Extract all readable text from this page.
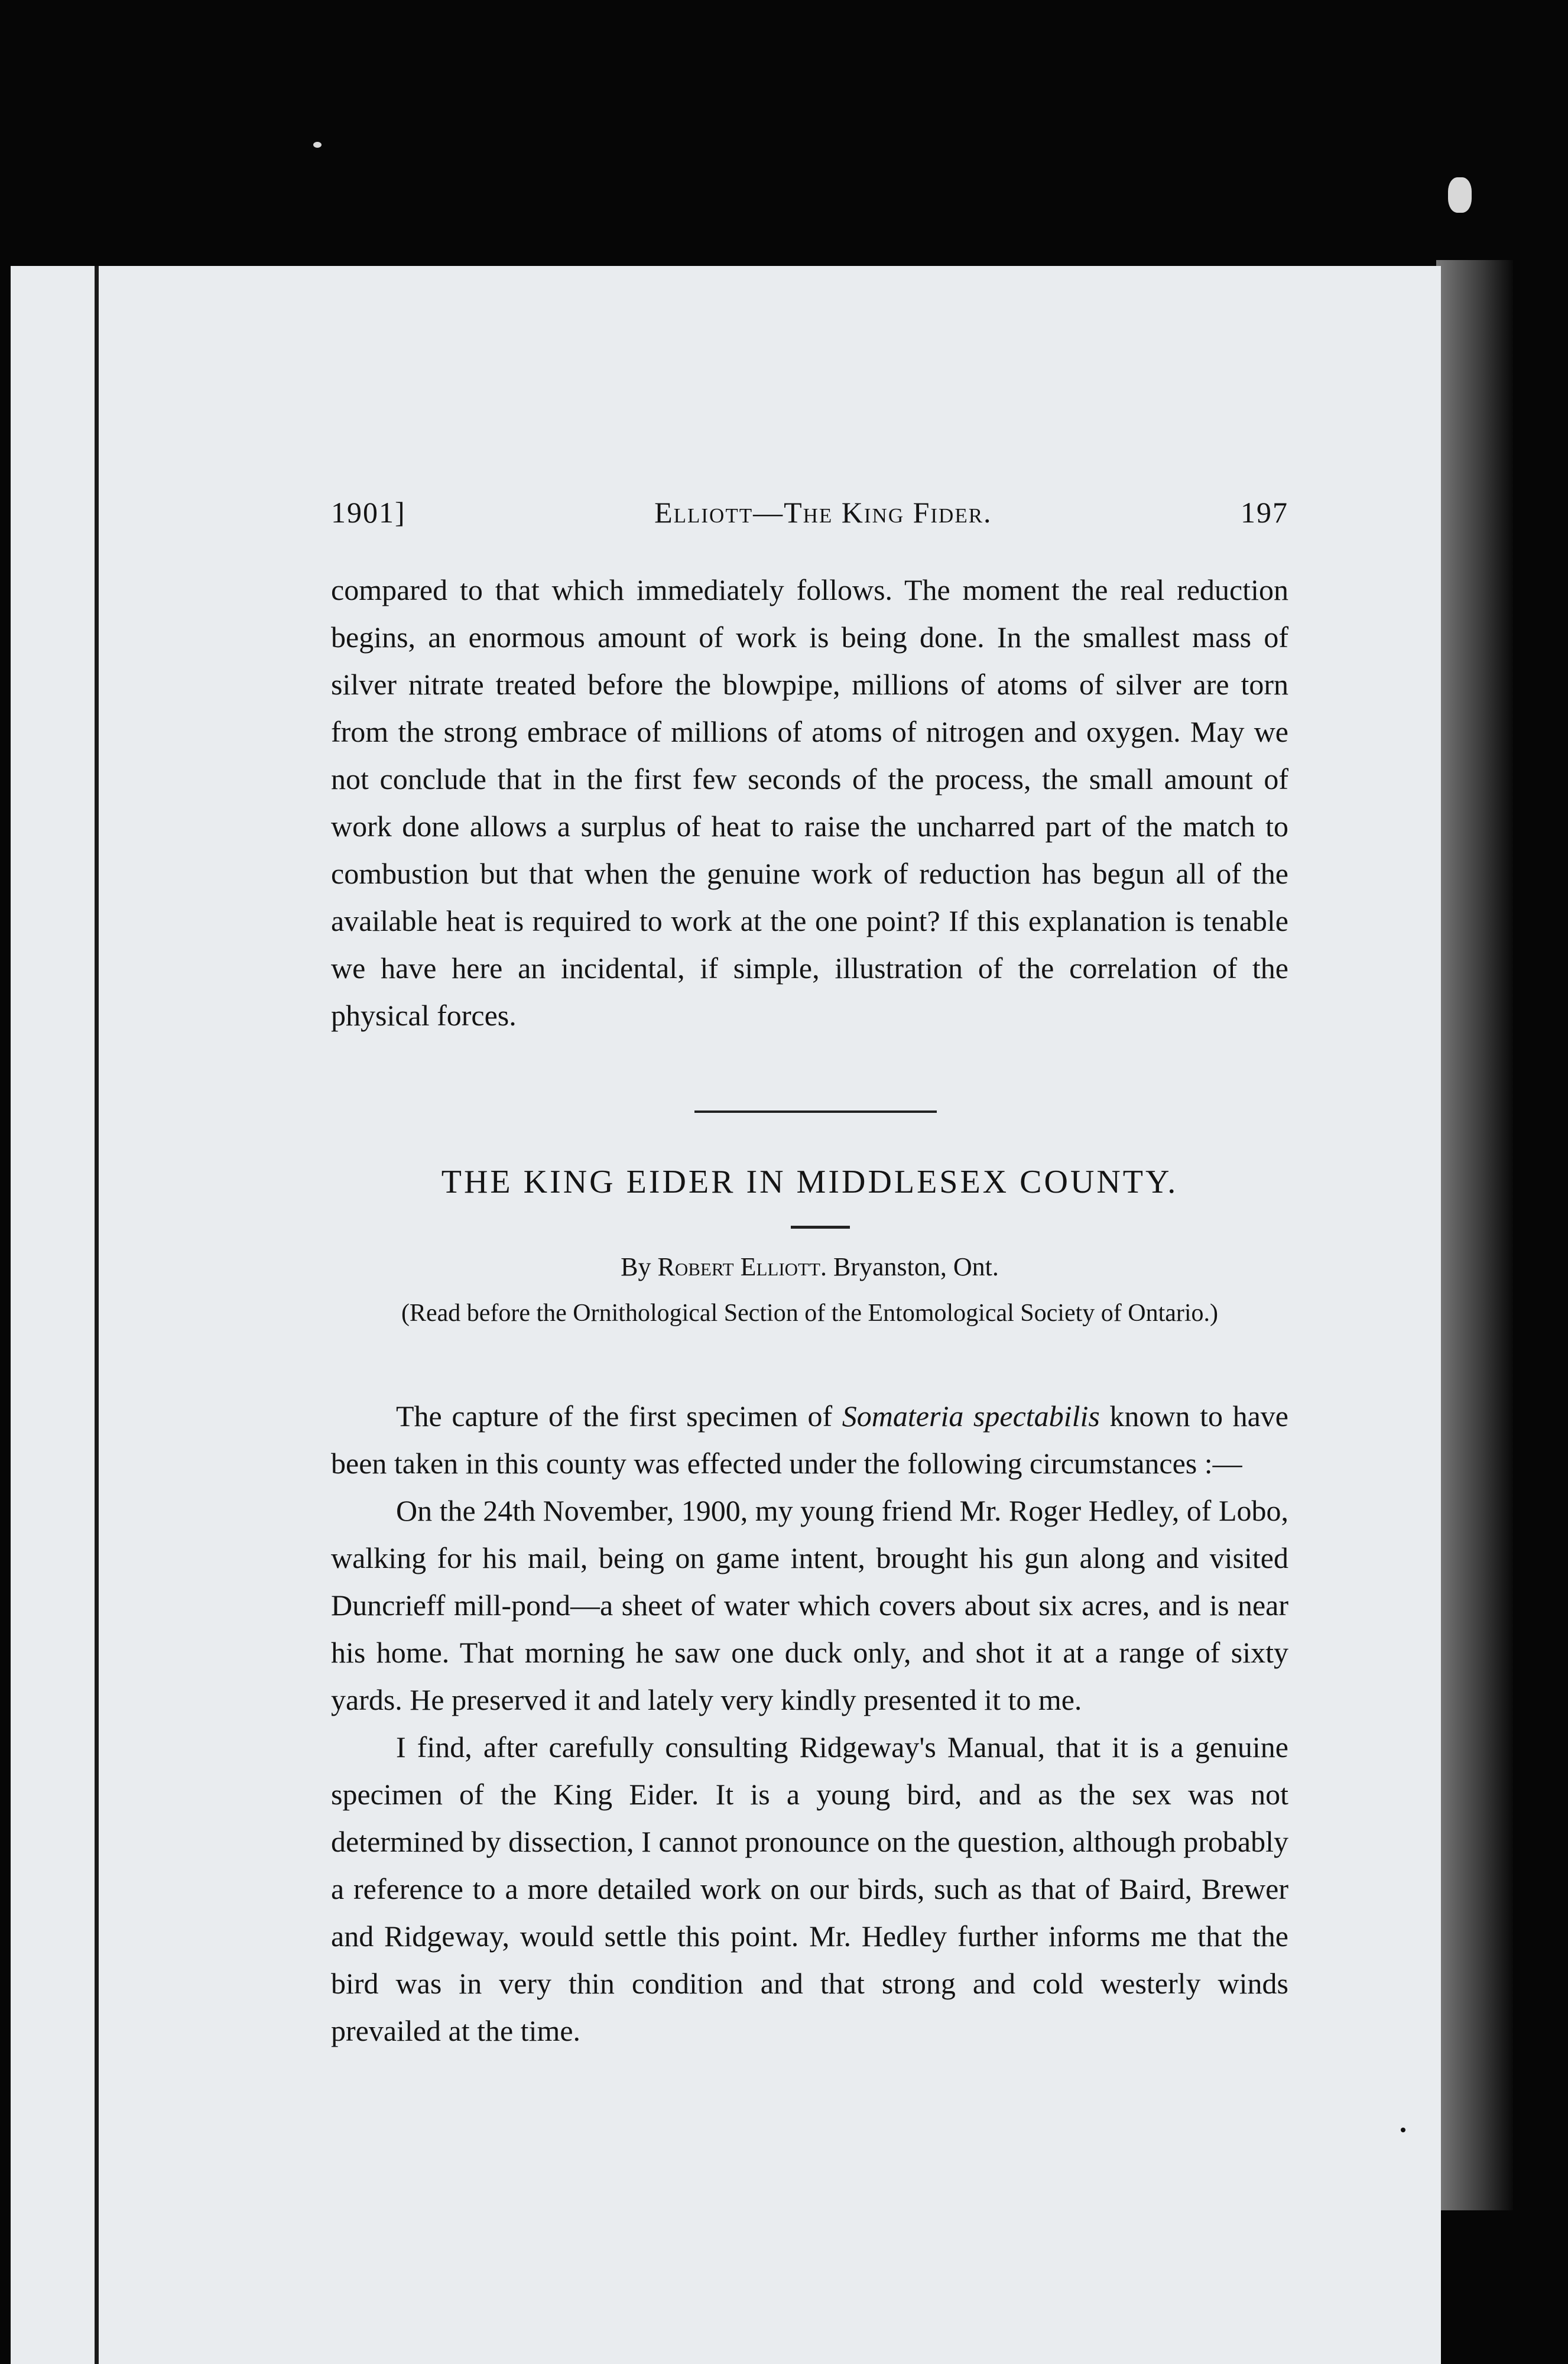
1901]	Elliott—The King Fider.	197

compared to that which immediately follows. The moment the real reduction begins, an enormous amount of work is being done. In the smallest mass of silver nitrate treated before the blowpipe, millions of atoms of silver are torn from the strong embrace of millions of atoms of nitrogen and oxygen. May we not conclude that in the first few seconds of the process, the small amount of work done allows a surplus of heat to raise the uncharred part of the match to combustion but that when the genuine work of reduction has begun all of the available heat is required to work at the one point? If this explanation is tenable we have here an incidental, if simple, illustration of the correlation of the physical forces.

THE KING EIDER IN MIDDLESEX COUNTY.
By Robert Elliott. Bryanston, Ont.
(Read before the Ornithological Section of the Entomological Society of Ontario.)

The capture of the first specimen of Somateria spectabilis known to have been taken in this county was effected under the following circumstances :—

On the 24th November, 1900, my young friend Mr. Roger Hedley, of Lobo, walking for his mail, being on game intent, brought his gun along and visited Duncrieff mill-pond—a sheet of water which covers about six acres, and is near his home. That morning he saw one duck only, and shot it at a range of sixty yards. He preserved it and lately very kindly presented it to me.

I find, after carefully consulting Ridgeway's Manual, that it is a genuine specimen of the King Eider. It is a young bird, and as the sex was not determined by dissection, I cannot pronounce on the question, although probably a reference to a more detailed work on our birds, such as that of Baird, Brewer and Ridgeway, would settle this point. Mr. Hedley further informs me that the bird was in very thin condition and that strong and cold westerly winds prevailed at the time.
